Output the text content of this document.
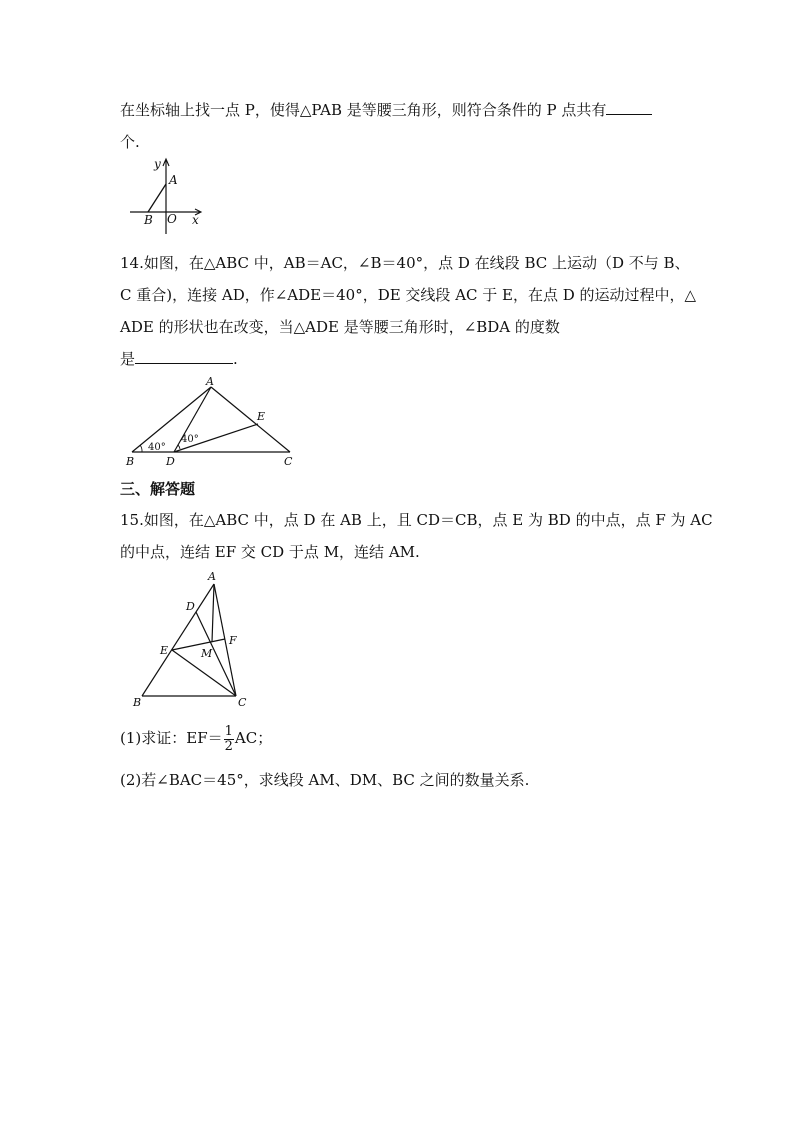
在坐标轴上找一点 P，使得△PAB 是等腰三角形，则符合条件的 P 点共有
个.
y
A
B O x
14.如图，在△ABC 中，AB＝AC，∠B＝40°，点 D 在线段 BC 上运动（D 不与 B、
C 重合)，连接 AD，作∠ADE＝40°，DE 交线段 AC 于 E，在点 D 的运动过程中，△
ADE 的形状也在改变，当△ADE 是等腰三角形时，∠BDA 的度数
是	.
A
E
B	D	C
40°
40°
三、解答题
15.如图，在△ABC 中，点 D 在 AB 上，且 CD＝CB，点 E 为 BD 的中点，点 F 为 AC
的中点，连结 EF 交 CD 于点 M，连结 AM.
A
D
F
E	M
B	C
(1)求证：$EF= \frac{1}{2}$ AC；
(2)若∠BAC＝45°，求线段 AM、DM、BC 之间的数量关系.
